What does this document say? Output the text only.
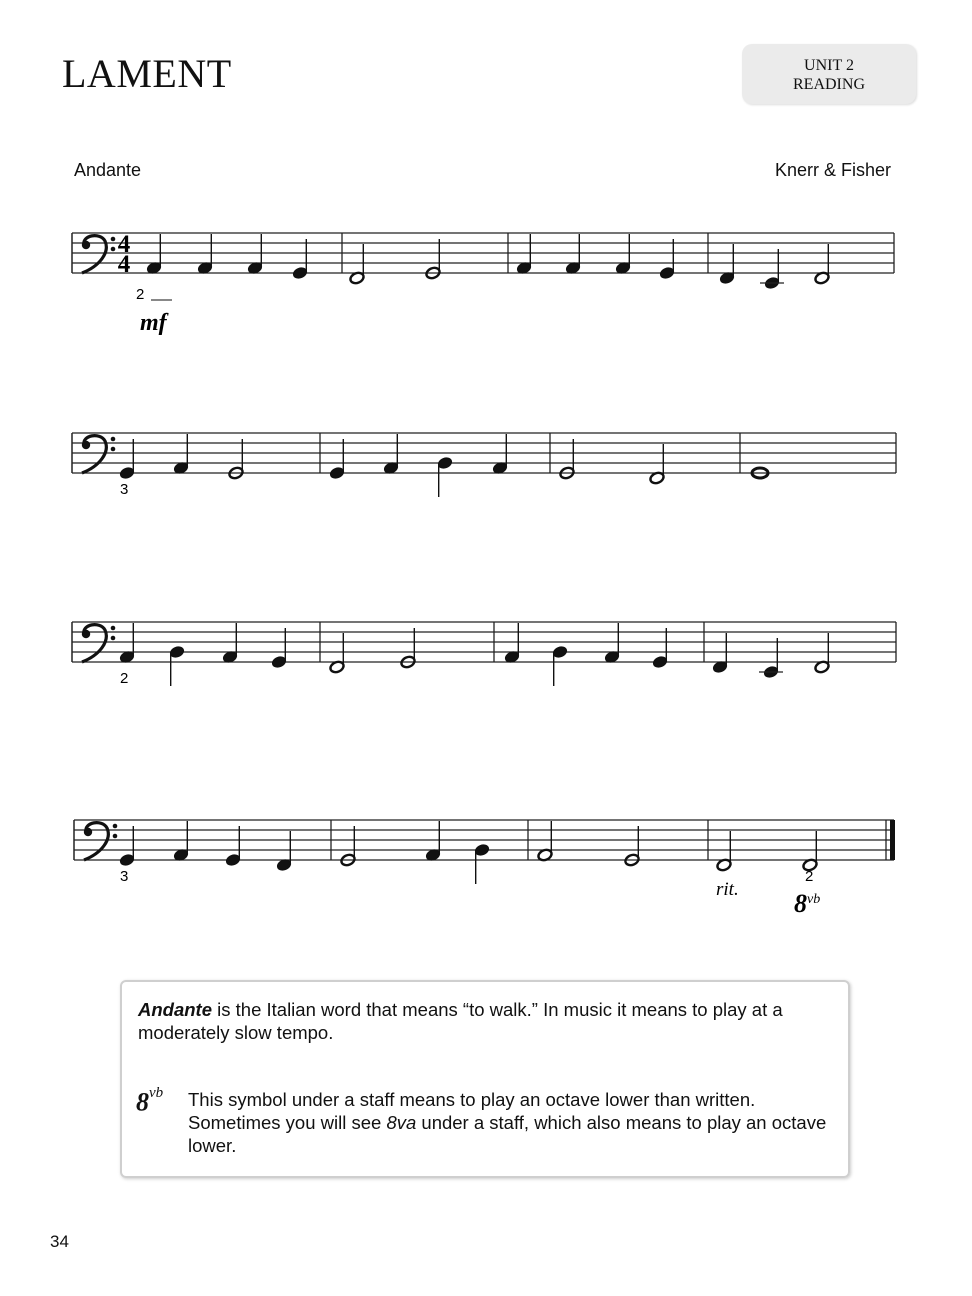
LAMENT	UNIT 2
READING
Andante	Knerr & Fisher
4
4
2
mf
3
2
3
rit.
2
$8^{vb}$
Andante is the Italian word that means “to walk.” In music it means to play at a moderately slow tempo.
$8^{vb}$ This symbol under a staff means to play an octave lower than written. Sometimes you will see 8va under a staff, which also means to play an octave lower.
34
